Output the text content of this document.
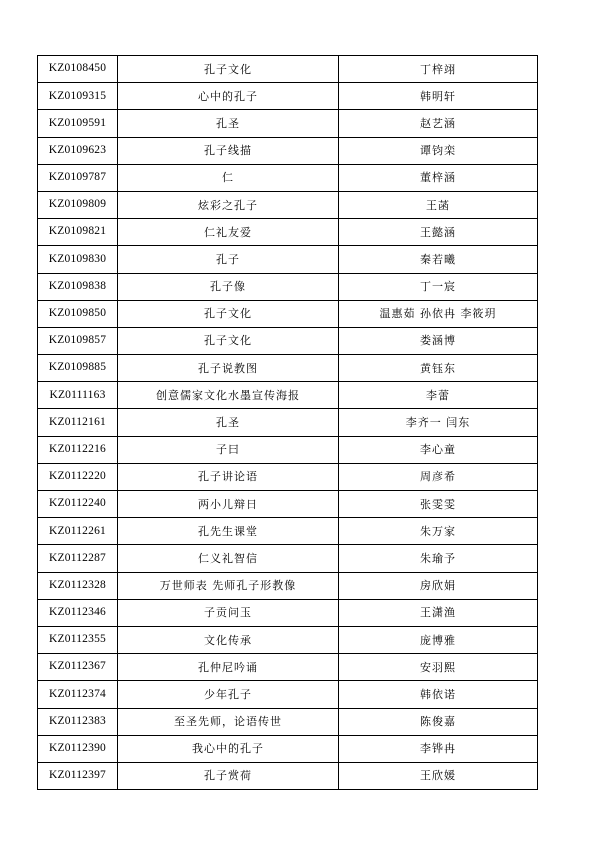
KZ0108450	孔子文化	丁梓翊
KZ0109315	心中的孔子	韩明轩
KZ0109591	孔圣	赵艺涵
KZ0109623	孔子线描	谭钧栾
KZ0109787	仁	董梓涵
KZ0109809	炫彩之孔子	王菡
KZ0109821	仁礼友爱	王懿涵
KZ0109830	孔子	秦若曦
KZ0109838	孔子像	丁一宸
KZ0109850	孔子文化	温惠茹 孙依冉 李筱玥
KZ0109857	孔子文化	娄涵博
KZ0109885	孔子说教图	黄钰东
KZ0111163	创意儒家文化水墨宣传海报	李蕾
KZ0112161	孔圣	李齐一 闫东
KZ0112216	子曰	李心童
KZ0112220	孔子讲论语	周彦希
KZ0112240	两小儿辩日	张雯雯
KZ0112261	孔先生课堂	朱万家
KZ0112287	仁义礼智信	朱瑜予
KZ0112328	万世师表 先师孔子形教像	房欣娟
KZ0112346	子贡问玉	王潇渔
KZ0112355	文化传承	庞博雅
KZ0112367	孔仲尼吟诵	安羽熙
KZ0112374	少年孔子	韩依诺
KZ0112383	至圣先师，论语传世	陈俊嘉
KZ0112390	我心中的孔子	李铧冉
KZ0112397	孔子赏荷	王欣媛
